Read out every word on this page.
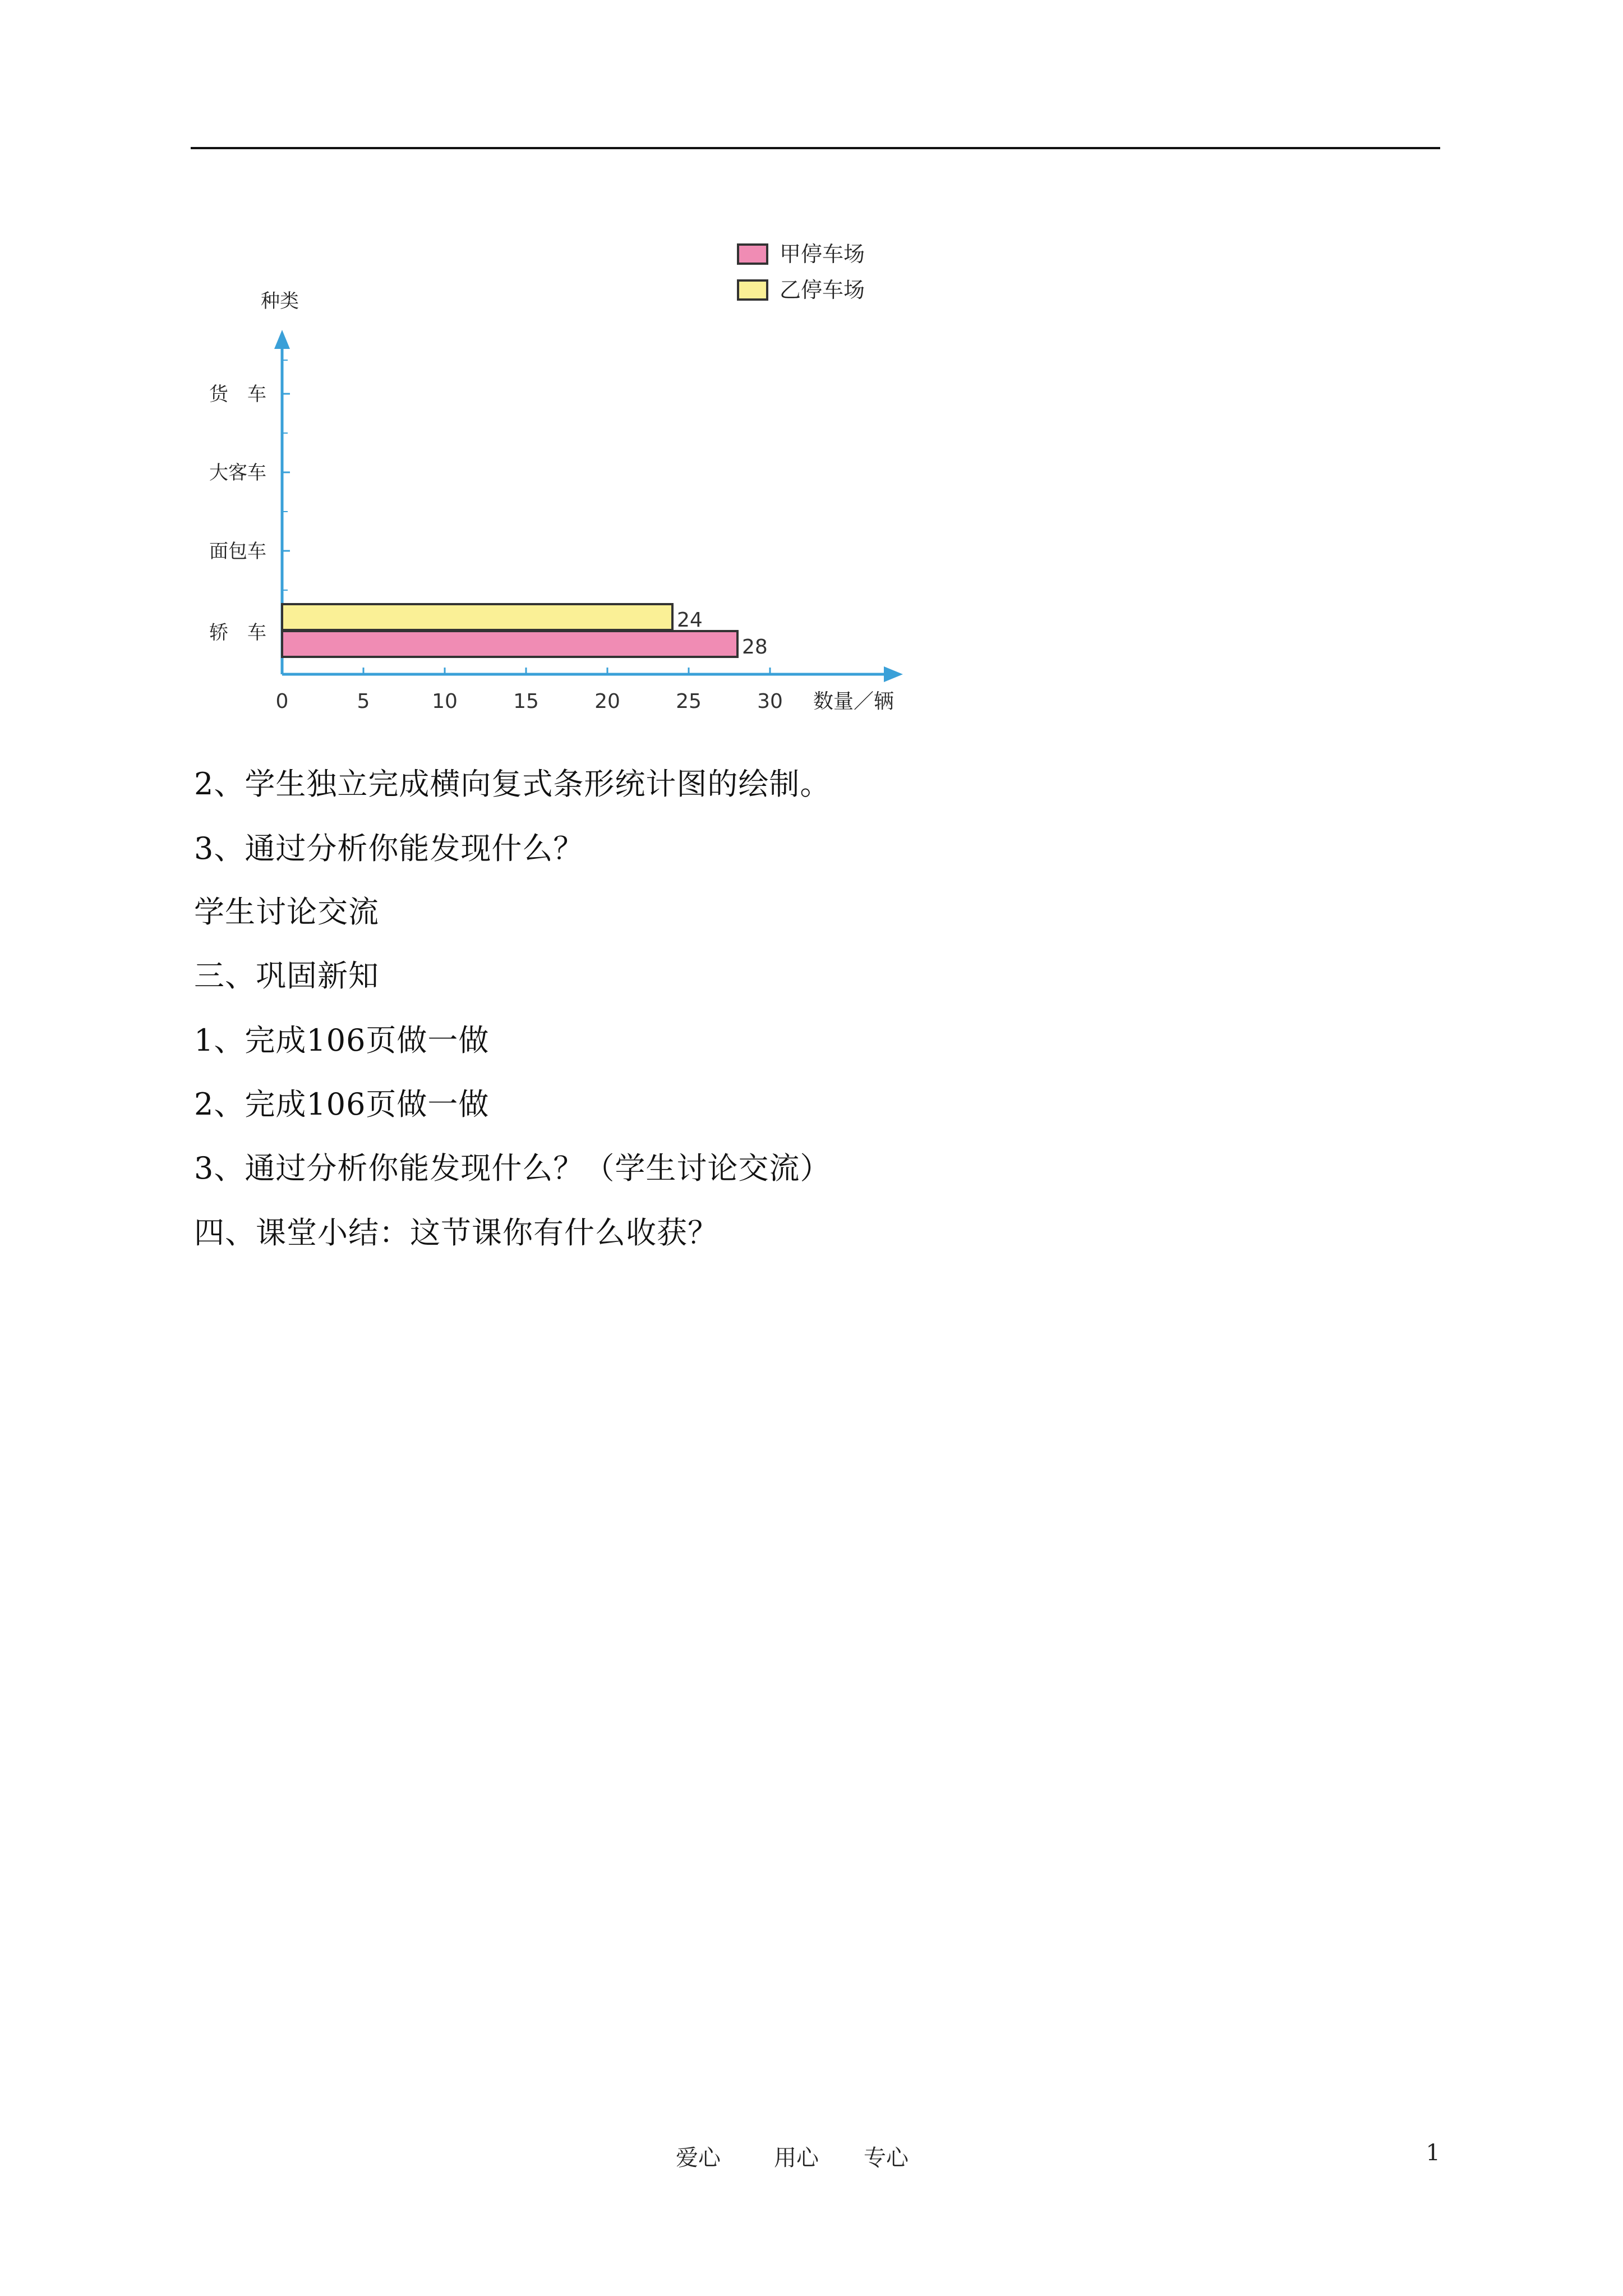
种类
数量／辆
0	5	10	15	20	25	30
轿　车
面包车
大客车
货　车
28
24
甲停车场
乙停车场
2、学生独立完成横向复式条形统计图的绘制。
3、通过分析你能发现什么？
学生讨论交流
三、巩固新知
1、完成106页做一做
2、完成106页做一做
3、通过分析你能发现什么？（学生讨论交流）
四、课堂小结：这节课你有什么收获？
爱心 用心 专心	1
